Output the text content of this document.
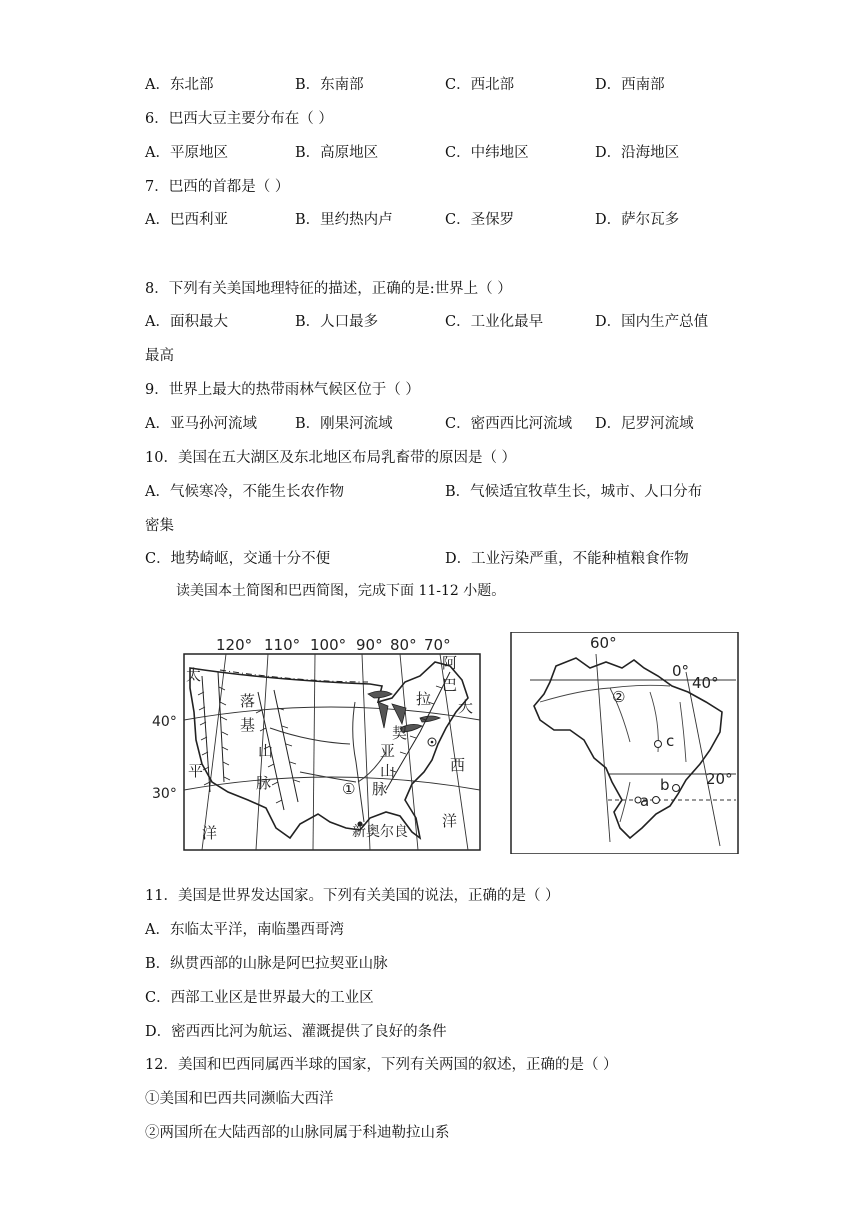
A．东北部	B．东南部	C．西北部	D．西南部
6．巴西大豆主要分布在（ ）
A．平原地区	B．高原地区	C．中纬地区	D．沿海地区
7．巴西的首都是（ ）
A．巴西利亚	B．里约热内卢	C．圣保罗	D．萨尔瓦多
8．下列有关美国地理特征的描述，正确的是:世界上（ ）
A．面积最大	B．人口最多	C．工业化最早	D．国内生产总值
最高
9．世界上最大的热带雨林气候区位于（ ）
A．亚马孙河流域	B．刚果河流域	C．密西西比河流域 D．尼罗河流域
10．美国在五大湖区及东北地区布局乳畜带的原因是（ ）
A．气候寒冷，不能生长农作物	B．气候适宜牧草生长，城市、人口分布
密集
C．地势崎岖，交通十分不便	D．工业污染严重，不能种植粮食作物
读美国本土简图和巴西简图，完成下面 11-12 小题。
120° 110° 100° 90° 80° 70°
40°
30°
太
平
洋
落
基
山
脉
大
西
洋
阿
巴
拉
契
亚
山
脉
①
新奥尔良
60°
40°
0°
20°
②
a
b
c
11．美国是世界发达国家。下列有关美国的说法，正确的是（ ）
A．东临太平洋，南临墨西哥湾
B．纵贯西部的山脉是阿巴拉契亚山脉
C．西部工业区是世界最大的工业区
D．密西西比河为航运、灌溉提供了良好的条件
12．美国和巴西同属西半球的国家，下列有关两国的叙述，正确的是（ ）
①美国和巴西共同濒临大西洋
②两国所在大陆西部的山脉同属于科迪勒拉山系
